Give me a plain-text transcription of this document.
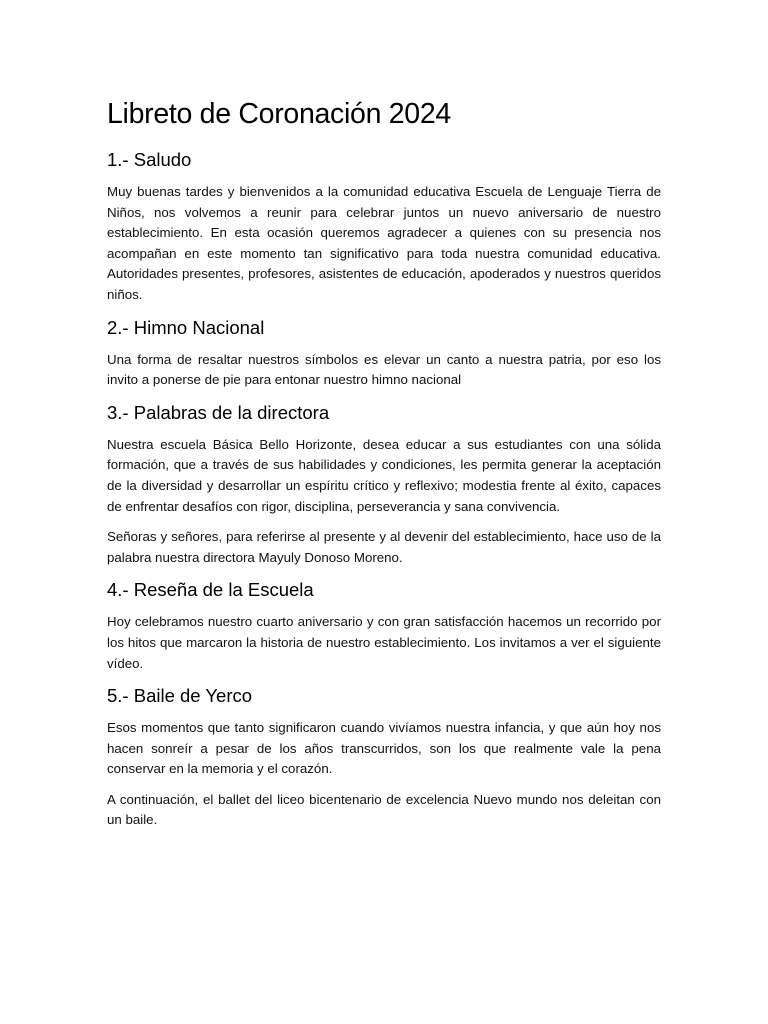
Libreto de Coronación 2024
1.- Saludo

Muy buenas tardes y bienvenidos a la comunidad educativa Escuela de Lenguaje Tierra de Niños, nos volvemos a reunir para celebrar juntos un nuevo aniversario de nuestro establecimiento. En esta ocasión queremos agradecer a quienes con su presencia nos acompañan en este momento tan significativo para toda nuestra comunidad educativa. Autoridades presentes, profesores, asistentes de educación, apoderados y nuestros queridos niños.

2.- Himno Nacional

Una forma de resaltar nuestros símbolos es elevar un canto a nuestra patria, por eso los invito a ponerse de pie para entonar nuestro himno nacional

3.- Palabras de la directora

Nuestra escuela Básica Bello Horizonte, desea educar a sus estudiantes con una sólida formación, que a través de sus habilidades y condiciones, les permita generar la aceptación de la diversidad y desarrollar un espíritu crítico y reflexivo; modestia frente al éxito, capaces de enfrentar desafíos con rigor, disciplina, perseverancia y sana convivencia.

Señoras y señores, para referirse al presente y al devenir del establecimiento, hace uso de la palabra nuestra directora Mayuly Donoso Moreno.

4.- Reseña de la Escuela

Hoy celebramos nuestro cuarto aniversario y con gran satisfacción hacemos un recorrido por los hitos que marcaron la historia de nuestro establecimiento. Los invitamos a ver el siguiente vídeo.

5.- Baile de Yerco

Esos momentos que tanto significaron cuando vivíamos nuestra infancia, y que aún hoy nos hacen sonreír a pesar de los años transcurridos, son los que realmente vale la pena conservar en la memoria y el corazón.

A continuación, el ballet del liceo bicentenario de excelencia Nuevo mundo nos deleitan con un baile.
